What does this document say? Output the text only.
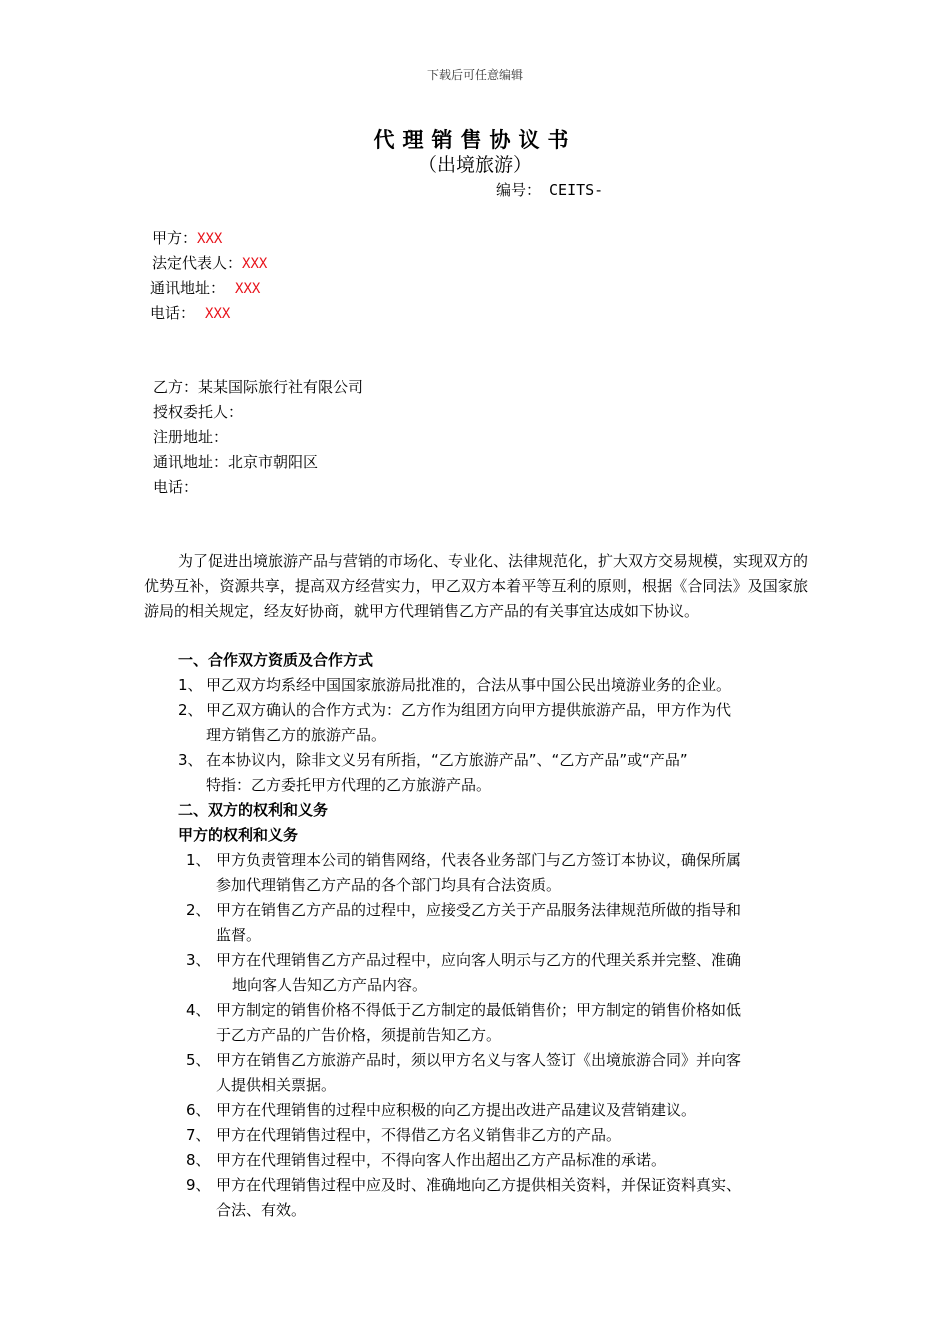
下载后可任意编辑
代理销售协议书
（出境旅游）
编号： CEITS-
甲方：XXX
法定代表人：XXX
通讯地址： XXX
电话： XXX
乙方：某某国际旅行社有限公司
授权委托人：
注册地址：
通讯地址：北京市朝阳区
电话：
为了促进出境旅游产品与营销的市场化、专业化、法律规范化，扩大双方交易规模，实现双方的优势互补，资源共享，提高双方经营实力，甲乙双方本着平等互利的原则，根据《合同法》及国家旅游局的相关规定，经友好协商，就甲方代理销售乙方产品的有关事宜达成如下协议。
一、合作双方资质及合作方式
1、 甲乙双方均系经中国国家旅游局批准的，合法从事中国公民出境游业务的企业。
2、 甲乙双方确认的合作方式为：乙方作为组团方向甲方提供旅游产品，甲方作为代
理方销售乙方的旅游产品。
3、 在本协议内，除非文义另有所指，“乙方旅游产品”、“乙方产品”或“产品”
特指：乙方委托甲方代理的乙方旅游产品。
二、双方的权利和义务
甲方的权利和义务
1、 甲方负责管理本公司的销售网络，代表各业务部门与乙方签订本协议，确保所属
参加代理销售乙方产品的各个部门均具有合法资质。
2、 甲方在销售乙方产品的过程中，应接受乙方关于产品服务法律规范所做的指导和
监督。
3、 甲方在代理销售乙方产品过程中，应向客人明示与乙方的代理关系并完整、准确
地向客人告知乙方产品内容。
4、 甲方制定的销售价格不得低于乙方制定的最低销售价；甲方制定的销售价格如低
于乙方产品的广告价格，须提前告知乙方。
5、 甲方在销售乙方旅游产品时，须以甲方名义与客人签订《出境旅游合同》并向客
人提供相关票据。
6、 甲方在代理销售的过程中应积极的向乙方提出改进产品建议及营销建议。
7、 甲方在代理销售过程中，不得借乙方名义销售非乙方的产品。
8、 甲方在代理销售过程中，不得向客人作出超出乙方产品标准的承诺。
9、 甲方在代理销售过程中应及时、准确地向乙方提供相关资料，并保证资料真实、
合法、有效。
